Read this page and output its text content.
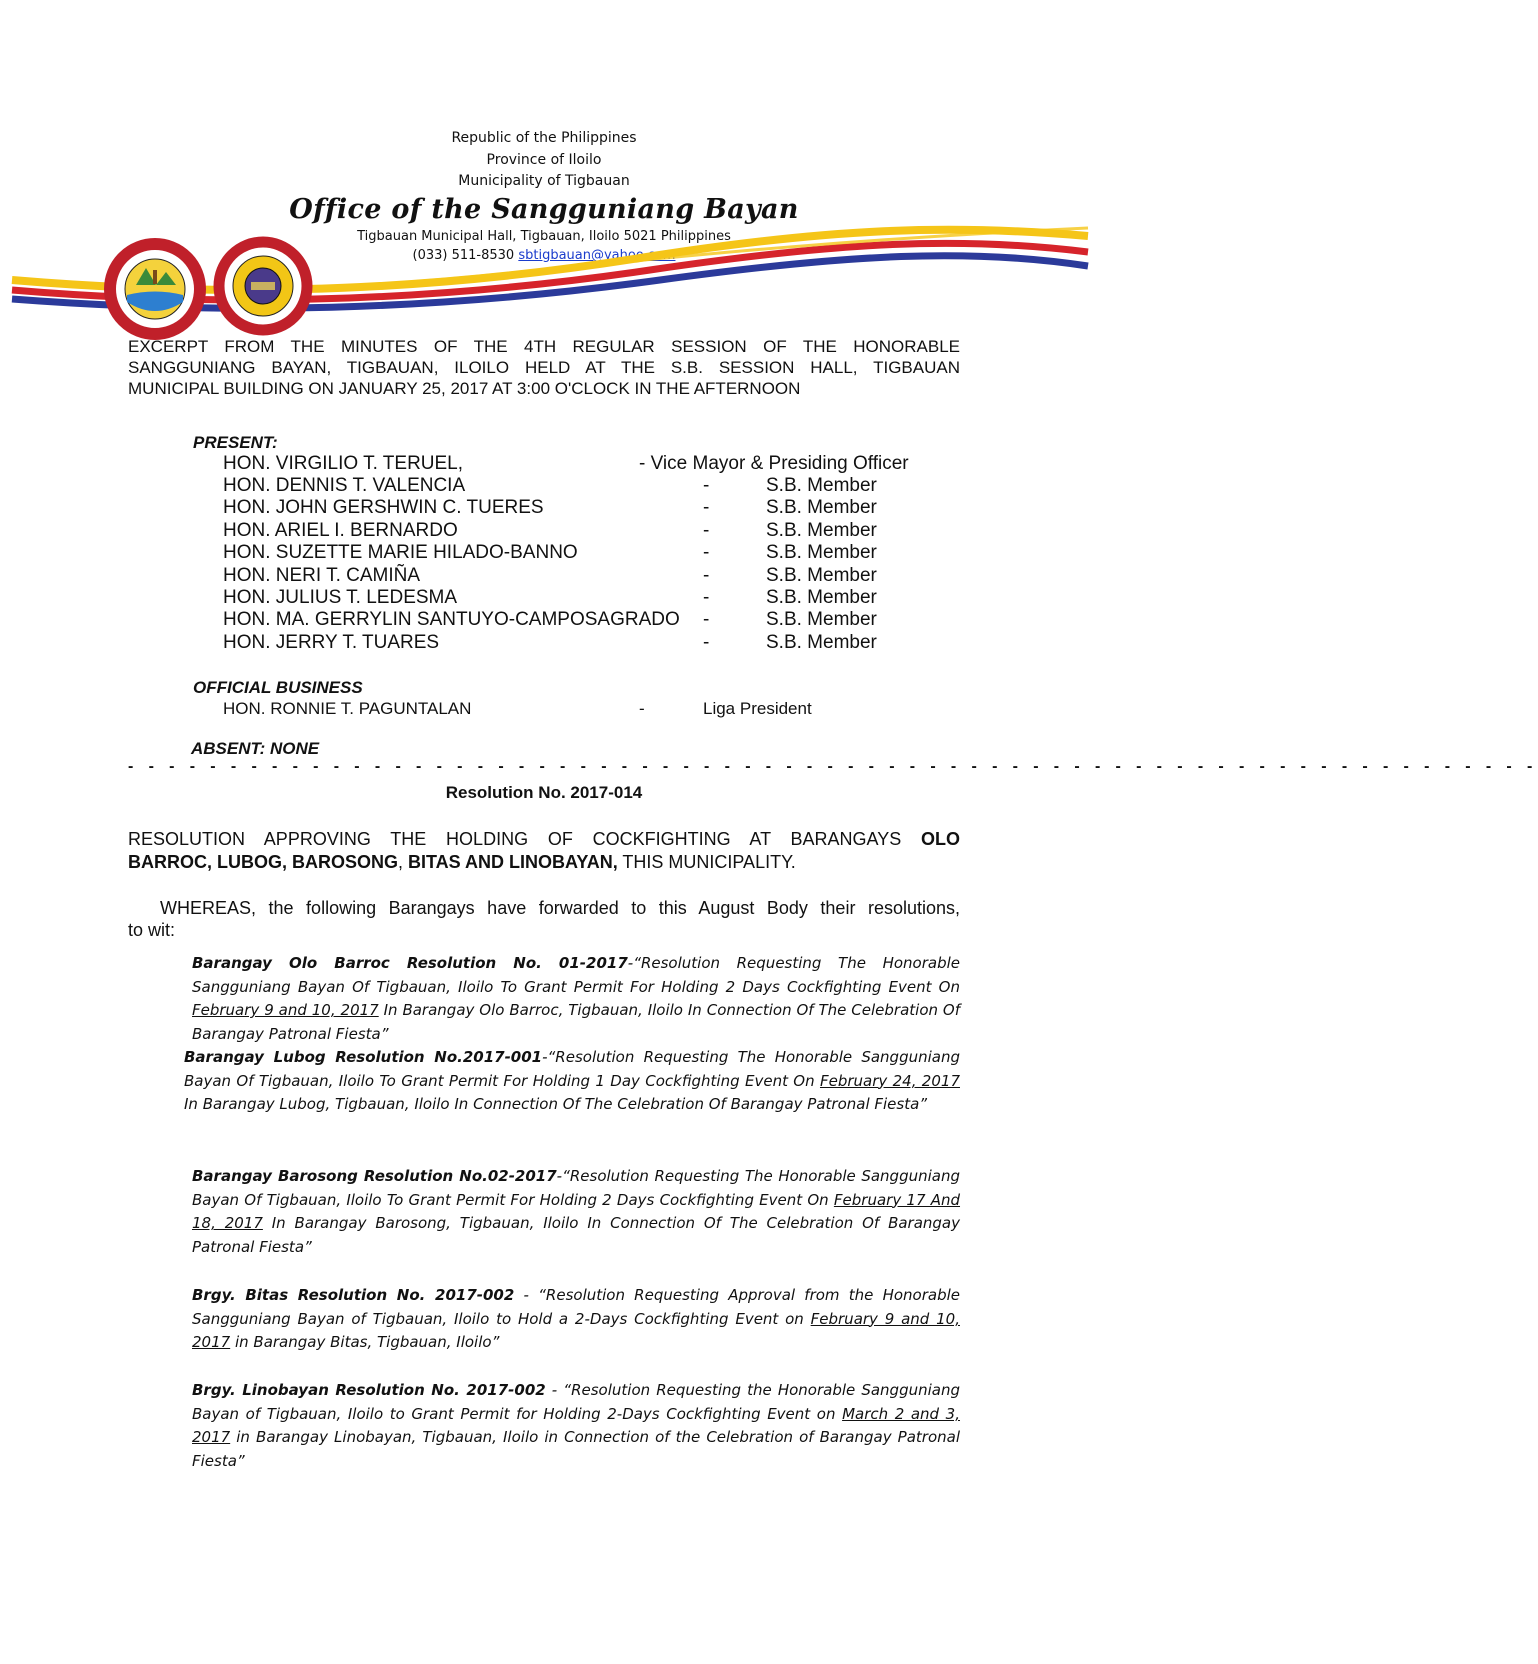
Republic of the Philippines
Province of Iloilo
Municipality of Tigbauan
Office of the Sangguniang Bayan
Tigbauan Municipal Hall, Tigbauan, Iloilo 5021 Philippines
(033) 511-8530 sbtigbauan@yahoo.com
EXCERPT FROM THE MINUTES OF THE 4TH REGULAR SESSION OF THE HONORABLE
SANGGUNIANG BAYAN, TIGBAUAN, ILOILO HELD AT THE S.B. SESSION HALL, TIGBAUAN
MUNICIPAL BUILDING ON JANUARY 25, 2017 AT 3:00 O'CLOCK IN THE AFTERNOON
PRESENT:
HON. VIRGILIO T. TERUEL,	- Vice Mayor & Presiding Officer
HON. DENNIS T. VALENCIA	-	S.B. Member
HON. JOHN GERSHWIN C. TUERES	-	S.B. Member
HON. ARIEL I. BERNARDO	-	S.B. Member
HON. SUZETTE MARIE HILADO-BANNO	-	S.B. Member
HON. NERI T. CAMIÑA	-	S.B. Member
HON. JULIUS T. LEDESMA	-	S.B. Member
HON. MA. GERRYLIN SANTUYO-CAMPOSAGRADO -	S.B. Member
HON. JERRY T. TUARES	-	S.B. Member
OFFICIAL BUSINESS
HON. RONNIE T. PAGUNTALAN	-	Liga President
ABSENT: NONE
- - - - - - - - - - - - - - - - - - - - - - - - - - - - - - - - - - - - - - - - - - - - - - - - - - - - - - - - - - - - - - - - - - - - -
Resolution No. 2017-014
RESOLUTION APPROVING THE HOLDING OF COCKFIGHTING AT BARANGAYS OLO
BARROC, LUBOG, BAROSONG, BITAS AND LINOBAYAN, THIS MUNICIPALITY.
WHEREAS, the following Barangays have forwarded to this August Body their resolutions,
to wit:
Barangay Olo Barroc Resolution No. 01-2017-“Resolution Requesting The Honorable Sangguniang Bayan Of Tigbauan, Iloilo To Grant Permit For Holding 2 Days Cockfighting Event On February 9 and 10, 2017 In Barangay Olo Barroc, Tigbauan, Iloilo In Connection Of The Celebration Of Barangay Patronal Fiesta”
Barangay Lubog Resolution No.2017-001-“Resolution Requesting The Honorable Sangguniang Bayan Of Tigbauan, Iloilo To Grant Permit For Holding 1 Day Cockfighting Event On February 24, 2017 In Barangay Lubog, Tigbauan, Iloilo In Connection Of The Celebration Of Barangay Patronal Fiesta”
Barangay Barosong Resolution No.02-2017-“Resolution Requesting The Honorable Sangguniang Bayan Of Tigbauan, Iloilo To Grant Permit For Holding 2 Days Cockfighting Event On February 17 And 18, 2017 In Barangay Barosong, Tigbauan, Iloilo In Connection Of The Celebration Of Barangay Patronal Fiesta”
Brgy. Bitas Resolution No. 2017-002 - “Resolution Requesting Approval from the Honorable Sangguniang Bayan of Tigbauan, Iloilo to Hold a 2-Days Cockfighting Event on February 9 and 10, 2017 in Barangay Bitas, Tigbauan, Iloilo”
Brgy. Linobayan Resolution No. 2017-002 - “Resolution Requesting the Honorable Sangguniang Bayan of Tigbauan, Iloilo to Grant Permit for Holding 2-Days Cockfighting Event on March 2 and 3, 2017 in Barangay Linobayan, Tigbauan, Iloilo in Connection of the Celebration of Barangay Patronal Fiesta”
